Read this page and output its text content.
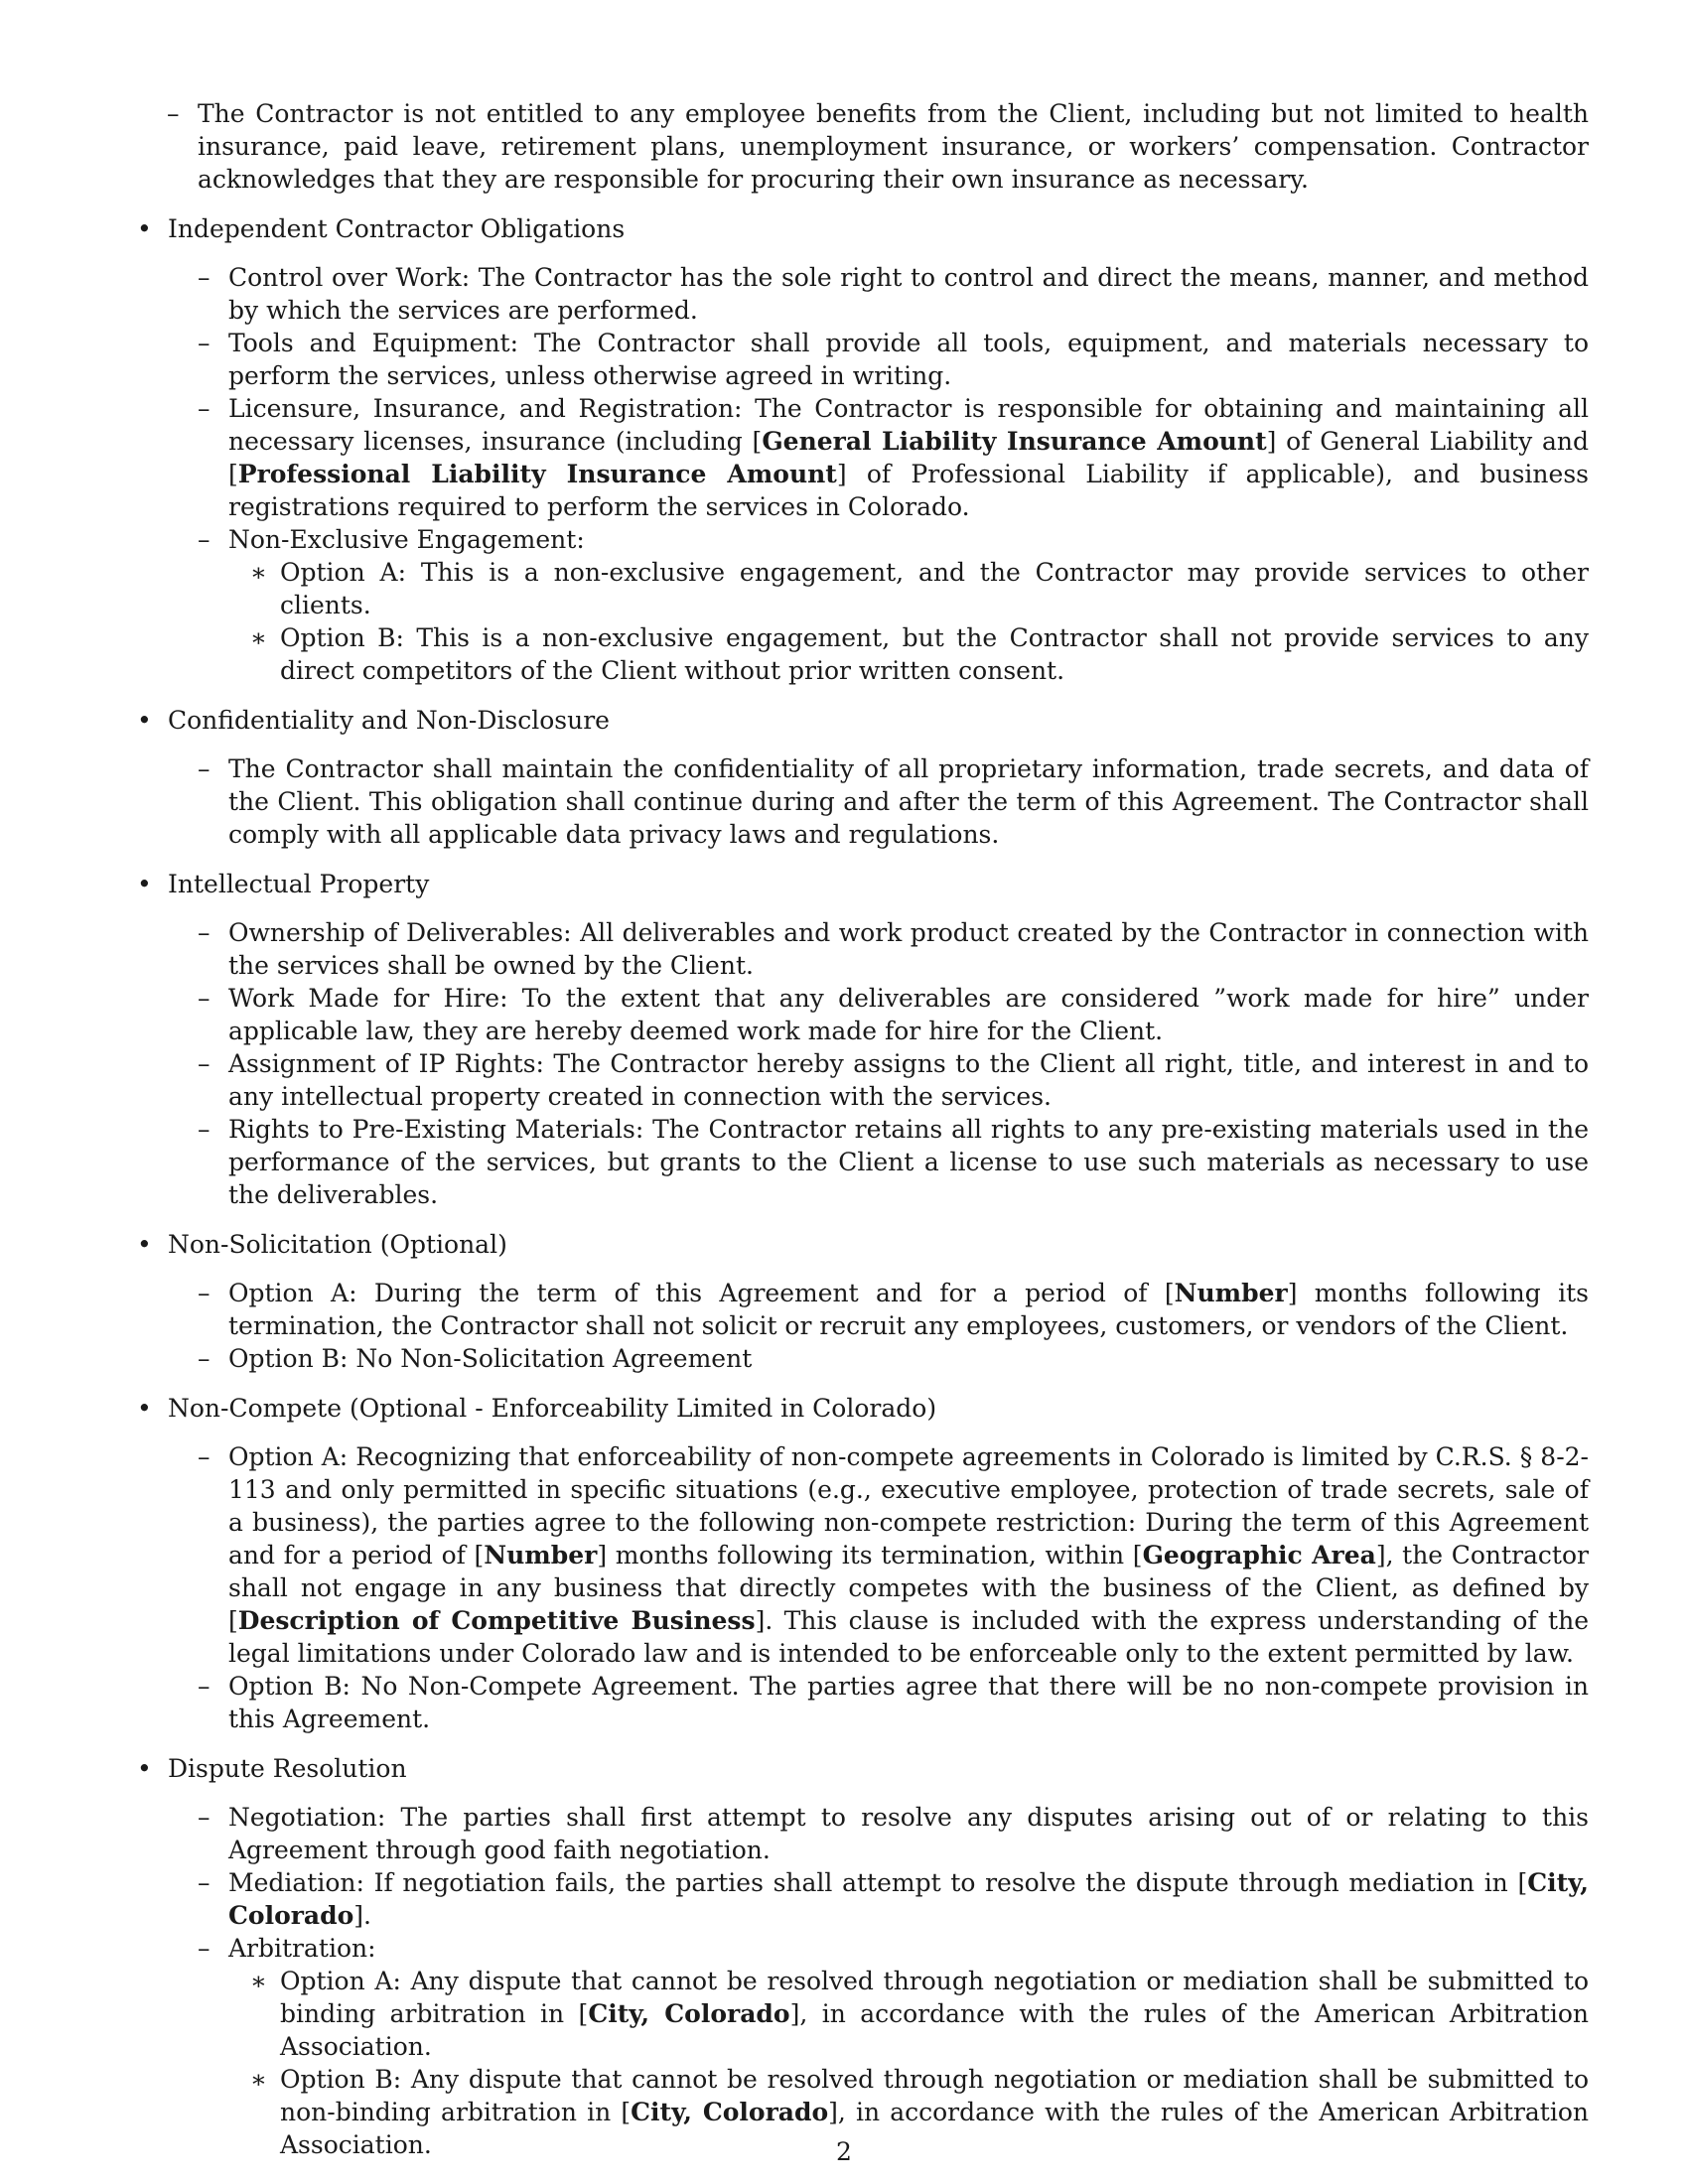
– The Contractor is not entitled to any employee benefits from the Client, including but not limited to health insurance, paid leave, retirement plans, unemployment insurance, or workers’ compensation. Contractor acknowledges that they are responsible for procuring their own insurance as necessary.
• Independent Contractor Obligations
– Control over Work: The Contractor has the sole right to control and direct the means, manner, and method by which the services are performed.
– Tools and Equipment: The Contractor shall provide all tools, equipment, and materials necessary to perform the services, unless otherwise agreed in writing.
– Licensure, Insurance, and Registration: The Contractor is responsible for obtaining and maintaining all necessary licenses, insurance (including [General Liability Insurance Amount] of General Liability and [Professional Liability Insurance Amount] of Professional Liability if applicable), and business registrations required to perform the services in Colorado.
– Non-Exclusive Engagement:
∗ Option A: This is a non-exclusive engagement, and the Contractor may provide services to other clients.
∗ Option B: This is a non-exclusive engagement, but the Contractor shall not provide services to any direct competitors of the Client without prior written consent.
• Confidentiality and Non-Disclosure
– The Contractor shall maintain the confidentiality of all proprietary information, trade secrets, and data of the Client. This obligation shall continue during and after the term of this Agreement. The Contractor shall comply with all applicable data privacy laws and regulations.
• Intellectual Property
– Ownership of Deliverables: All deliverables and work product created by the Contractor in connection with the services shall be owned by the Client.
– Work Made for Hire: To the extent that any deliverables are considered ”work made for hire” under applicable law, they are hereby deemed work made for hire for the Client.
– Assignment of IP Rights: The Contractor hereby assigns to the Client all right, title, and interest in and to any intellectual property created in connection with the services.
– Rights to Pre-Existing Materials: The Contractor retains all rights to any pre-existing materials used in the performance of the services, but grants to the Client a license to use such materials as necessary to use the deliverables.
• Non-Solicitation (Optional)
– Option A: During the term of this Agreement and for a period of [Number] months following its termination, the Contractor shall not solicit or recruit any employees, customers, or vendors of the Client.
– Option B: No Non-Solicitation Agreement
• Non-Compete (Optional - Enforceability Limited in Colorado)
– Option A: Recognizing that enforceability of non-compete agreements in Colorado is limited by C.R.S. § 8-2-113 and only permitted in specific situations (e.g., executive employee, protection of trade secrets, sale of a business), the parties agree to the following non-compete restriction: During the term of this Agreement and for a period of [Number] months following its termination, within [Geographic Area], the Contractor shall not engage in any business that directly competes with the business of the Client, as defined by [Description of Competitive Business]. This clause is included with the express understanding of the legal limitations under Colorado law and is intended to be enforceable only to the extent permitted by law.
– Option B: No Non-Compete Agreement. The parties agree that there will be no non-compete provision in this Agreement.
• Dispute Resolution
– Negotiation: The parties shall first attempt to resolve any disputes arising out of or relating to this Agreement through good faith negotiation.
– Mediation: If negotiation fails, the parties shall attempt to resolve the dispute through mediation in [City, Colorado].
– Arbitration:
∗ Option A: Any dispute that cannot be resolved through negotiation or mediation shall be submitted to binding arbitration in [City, Colorado], in accordance with the rules of the American Arbitration Association.
∗ Option B: Any dispute that cannot be resolved through negotiation or mediation shall be submitted to non-binding arbitration in [City, Colorado], in accordance with the rules of the American Arbitration Association.	2
